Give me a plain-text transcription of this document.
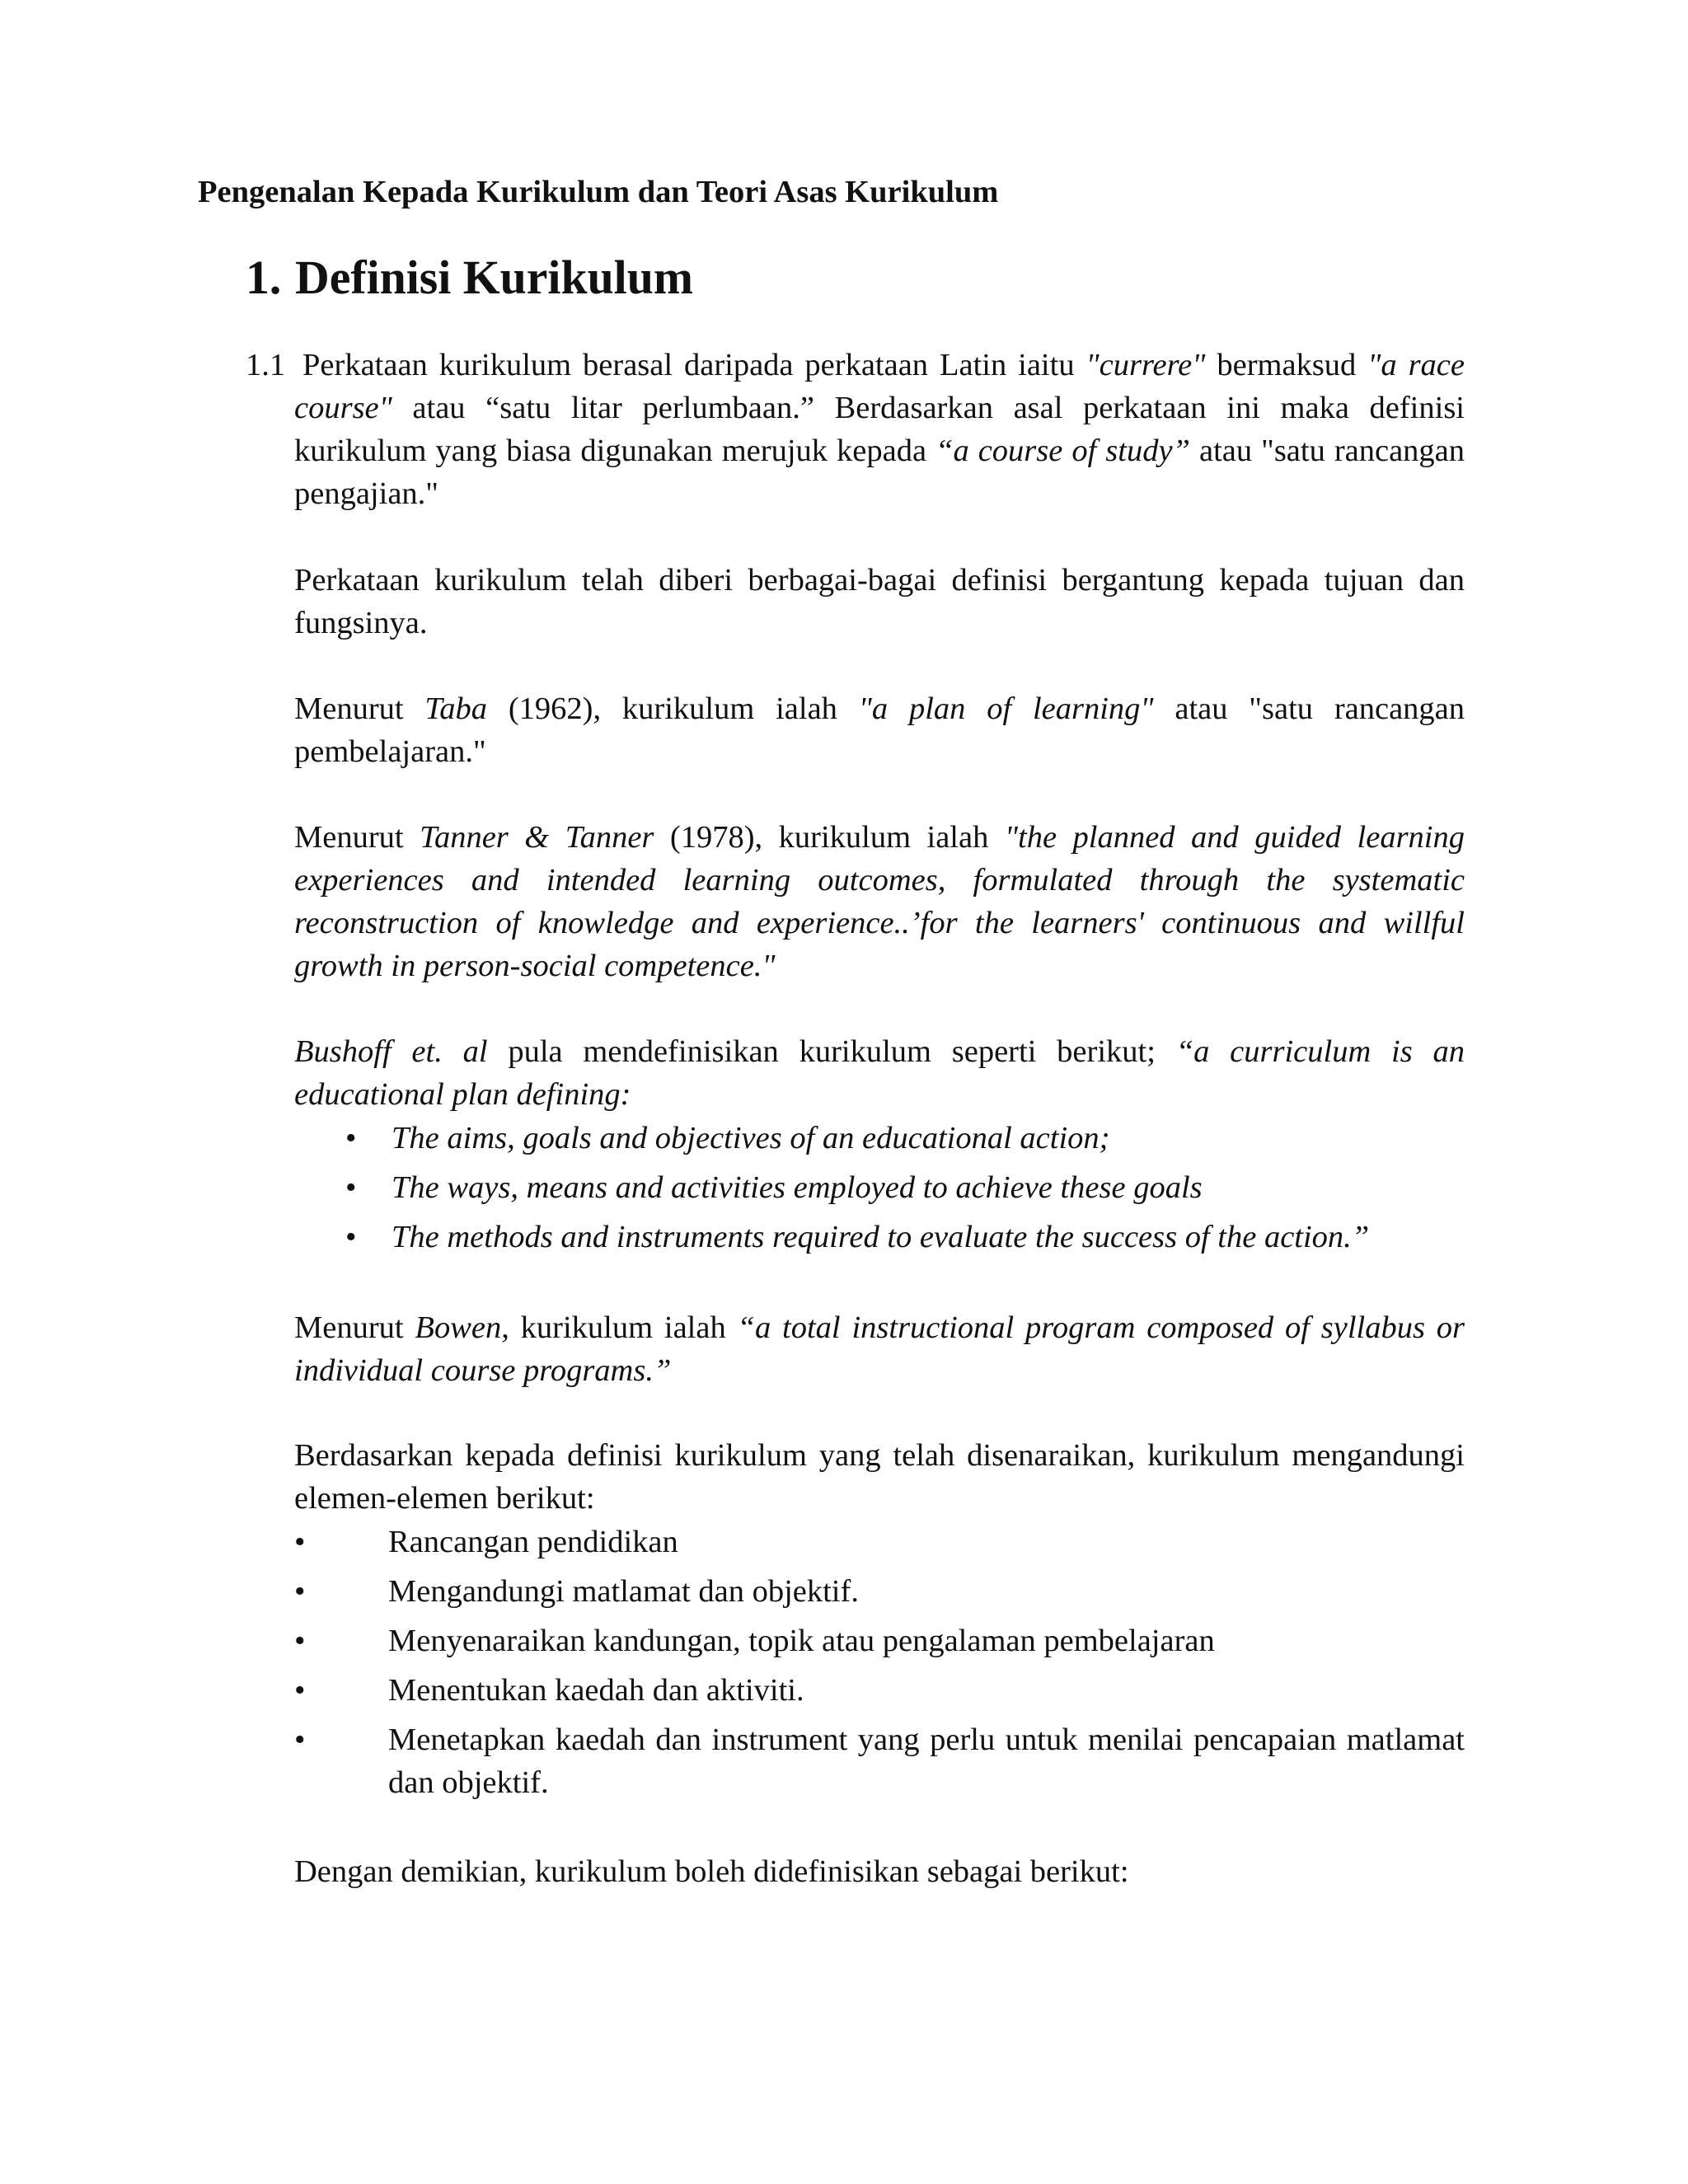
Pengenalan Kepada Kurikulum dan Teori Asas Kurikulum
1. Definisi Kurikulum
1.1 Perkataan kurikulum berasal daripada perkataan Latin iaitu "currere" bermaksud "a race course" atau “satu litar perlumbaan.” Berdasarkan asal perkataan ini maka definisi kurikulum yang biasa digunakan merujuk kepada “a course of study” atau "satu rancangan pengajian."

Perkataan kurikulum telah diberi berbagai-bagai definisi bergantung kepada tujuan dan fungsinya.

Menurut Taba (1962), kurikulum ialah "a plan of learning" atau "satu rancangan pembelajaran."

Menurut Tanner & Tanner (1978), kurikulum ialah "the planned and guided learning experiences and intended learning outcomes, formulated through the systematic reconstruction of knowledge and experience..’for the learners' continuous and willful growth in person-social competence."

Bushoff et. al pula mendefinisikan kurikulum seperti berikut; “a curriculum is an educational plan defining:

• The aims, goals and objectives of an educational action;
• The ways, means and activities employed to achieve these goals
• The methods and instruments required to evaluate the success of the action.”

Menurut Bowen, kurikulum ialah “a total instructional program composed of syllabus or individual course programs.”

Berdasarkan kepada definisi kurikulum yang telah disenaraikan, kurikulum mengandungi elemen-elemen berikut:

•	Rancangan pendidikan
•	Mengandungi matlamat dan objektif.
•	Menyenaraikan kandungan, topik atau pengalaman pembelajaran
•	Menentukan kaedah dan aktiviti.
•	Menetapkan kaedah dan instrument yang perlu untuk menilai pencapaian matlamat dan objektif.

Dengan demikian, kurikulum boleh didefinisikan sebagai berikut:
